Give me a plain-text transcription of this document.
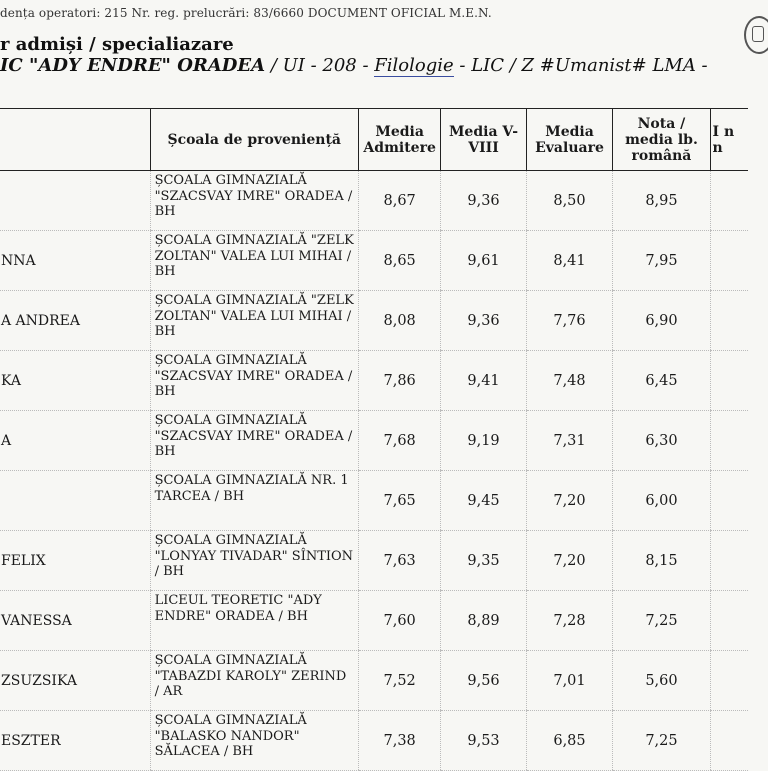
dența operatori: 215 Nr. reg. prelucrări: 83/6660 DOCUMENT OFICIAL M.E.N.
r admiși / specialiazare
IC "ADY ENDRE" ORADEA / UI - 208 - Filologie - LIC / Z #Umanist# LMA -
	Școala de proveniență	Media Admitere	Media V-VIII	Media Evaluare	Nota / media lb. română	I n n
	ȘCOALA GIMNAZIALĂ "SZACSVAY IMRE" ORADEA / BH	8,67	9,36	8,50	8,95	
NNA	ȘCOALA GIMNAZIALĂ "ZELK ZOLTAN" VALEA LUI MIHAI / BH	8,65	9,61	8,41	7,95	
A ANDREA	ȘCOALA GIMNAZIALĂ "ZELK ZOLTAN" VALEA LUI MIHAI / BH	8,08	9,36	7,76	6,90	
KA	ȘCOALA GIMNAZIALĂ "SZACSVAY IMRE" ORADEA / BH	7,86	9,41	7,48	6,45	
A	ȘCOALA GIMNAZIALĂ "SZACSVAY IMRE" ORADEA / BH	7,68	9,19	7,31	6,30	
	ȘCOALA GIMNAZIALĂ NR. 1 TARCEA / BH	7,65	9,45	7,20	6,00	
FELIX	ȘCOALA GIMNAZIALĂ "LONYAY TIVADAR" SÎNTION / BH	7,63	9,35	7,20	8,15	
VANESSA	LICEUL TEORETIC "ADY ENDRE" ORADEA / BH	7,60	8,89	7,28	7,25	
ZSUZSIKA	ȘCOALA GIMNAZIALĂ "TABAZDI KAROLY" ZERIND / AR	7,52	9,56	7,01	5,60	
ESZTER	ȘCOALA GIMNAZIALĂ "BALASKO NANDOR" SĂLACEA / BH	7,38	9,53	6,85	7,25	
